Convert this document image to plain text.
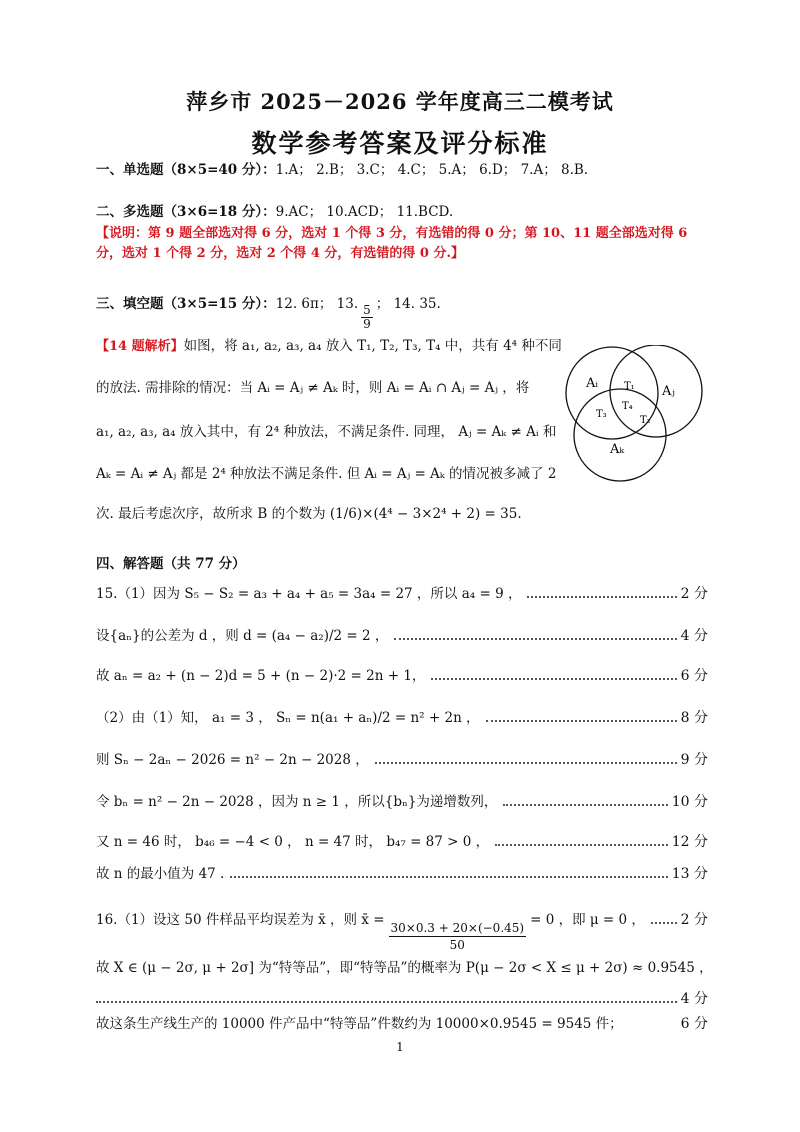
萍乡市 2025－2026 学年度高三二模考试
数学参考答案及评分标准
一、单选题（8×5=40 分）：1.A； 2.B； 3.C； 4.C； 5.A； 6.D； 7.A； 8.B.
二、多选题（3×6=18 分）：9.AC； 10.ACD； 11.BCD.
【说明：第 9 题全部选对得 6 分，选对 1 个得 3 分，有选错的得 0 分；第 10、11 题全部选对得 6
分，选对 1 个得 2 分，选对 2 个得 4 分，有选错的得 0 分.】
三、填空题（3×5=15 分）： 12. 6π； 13. $\frac{5}{9}$ ； 14. 35.
【14 题解析】如图，将 a₁, a₂, a₃, a₄ 放入 T₁, T₂, T₃, T₄ 中，共有 4⁴ 种不同
的放法. 需排除的情况：当 Aᵢ = Aⱼ ≠ Aₖ 时，则 Aᵢ = Aᵢ ∩ Aⱼ = Aⱼ ，将
a₁, a₂, a₃, a₄ 放入其中，有 2⁴ 种放法，不满足条件. 同理， Aⱼ = Aₖ ≠ Aᵢ 和
Aₖ = Aᵢ ≠ Aⱼ 都是 2⁴ 种放法不满足条件. 但 Aᵢ = Aⱼ = Aₖ 的情况被多减了 2
次. 最后考虑次序，故所求 B 的个数为 (1/6)×(4⁴ − 3×2⁴ + 2) = 35.
Aᵢ
Aⱼ
Aₖ
T₁
T₂
T₃
T₄
四、解答题（共 77 分）
15.（1）因为 S₅ − S₂ = a₃ + a₄ + a₅ = 3a₄ = 27 ，所以 a₄ = 9 ，	2 分
设{aₙ}的公差为 d ，则 d = (a₄ − a₂)/2 = 2 ，	4 分
故 aₙ = a₂ + (n − 2)d = 5 + (n − 2)·2 = 2n + 1，	6 分
（2）由（1）知， a₁ = 3 ， Sₙ = n(a₁ + aₙ)/2 = n² + 2n ，	8 分
则 Sₙ − 2aₙ − 2026 = n² − 2n − 2028 ，	9 分
令 bₙ = n² − 2n − 2028 ，因为 n ≥ 1 ，所以{bₙ}为递增数列，	10 分
又 n = 46 时， b₄₆ = −4 < 0 ， n = 47 时， b₄₇ = 87 > 0 ，	12 分
故 n 的最小值为 47 .	13 分
16.（1）设这 50 件样品平均误差为 x̄ ，则 x̄ = $\frac{30\times 0.3 + 20\times(-0.45)}{50} = 0$ ，即 μ = 0 ，	2 分
故 X ∈ (μ − 2σ, μ + 2σ] 为“特等品”，即“特等品”的概率为 P(μ − 2σ < X ≤ μ + 2σ) ≈ 0.9545 ，
4 分
故这条生产线生产的 10000 件产品中“特等品”件数约为 10000×0.9545 = 9545 件；	6 分
1
